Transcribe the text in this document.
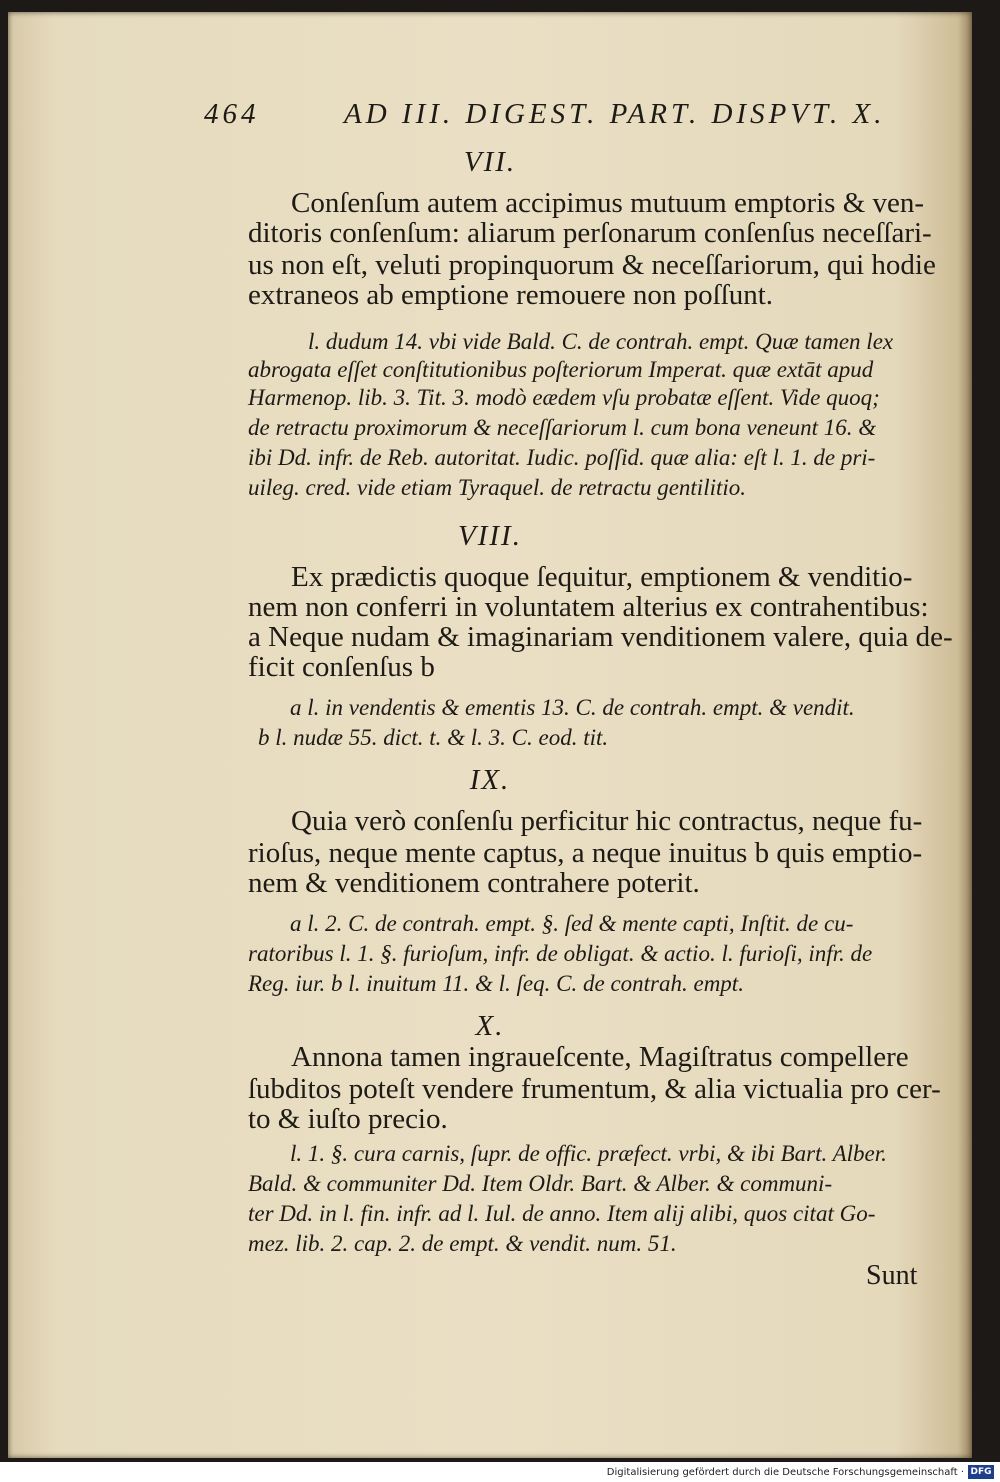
464	AD III. DIGEST. PART. DISPVT. X.
VII.
Conſenſum autem accipimus mutuum emptoris & ven-
ditoris conſenſum: aliarum perſonarum conſenſus neceſſari-
us non eſt, veluti propinquorum & neceſſariorum, qui hodie
extraneos ab emptione remouere non poſſunt.
l. dudum 14. vbi vide Bald. C. de contrah. empt. Quæ tamen lex
abrogata eſſet conſtitutionibus poſteriorum Imperat. quæ extāt apud
Harmenop. lib. 3. Tit. 3. modò eædem vſu probatæ eſſent. Vide quoq;
de retractu proximorum & neceſſariorum l. cum bona veneunt 16. &
ibi Dd. infr. de Reb. autoritat. Iudic. poſſid. quæ alia: eſt l. 1. de pri-
uileg. cred. vide etiam Tyraquel. de retractu gentilitio.
VIII.
Ex prædictis quoque ſequitur, emptionem & venditio-
nem non conferri in voluntatem alterius ex contrahentibus:
a Neque nudam & imaginariam venditionem valere, quia de-
ficit conſenſus b
a l. in vendentis & ementis 13. C. de contrah. empt. & vendit.
b l. nudæ 55. dict. t. & l. 3. C. eod. tit.
IX.
Quia verò conſenſu perficitur hic contractus, neque fu-
rioſus, neque mente captus, a neque inuitus b quis emptio-
nem & venditionem contrahere poterit.
a l. 2. C. de contrah. empt. §. ſed & mente capti, Inſtit. de cu-
ratoribus l. 1. §. furioſum, infr. de obligat. & actio. l. furioſi, infr. de
Reg. iur. b l. inuitum 11. & l. ſeq. C. de contrah. empt.
X.
Annona tamen ingraueſcente, Magiſtratus compellere
ſubditos poteſt vendere frumentum, & alia victualia pro cer-
to & iuſto precio.
l. 1. §. cura carnis, ſupr. de offic. præfect. vrbi, & ibi Bart. Alber.
Bald. & communiter Dd. Item Oldr. Bart. & Alber. & communi-
ter Dd. in l. fin. infr. ad l. Iul. de anno. Item alij alibi, quos citat Go-
mez. lib. 2. cap. 2. de empt. & vendit. num. 51.
Sunt
Digitalisierung gefördert durch die Deutsche Forschungsgemeinschaft · DFG
